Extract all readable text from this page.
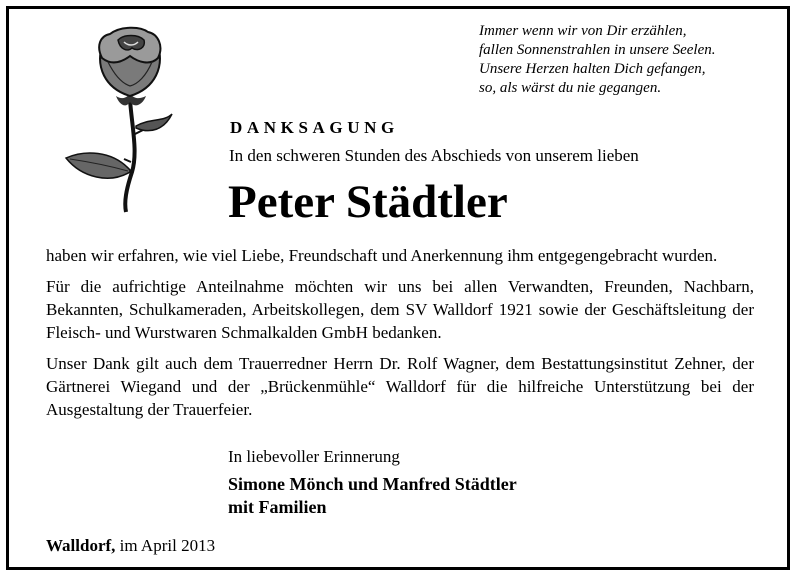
Immer wenn wir von Dir erzählen,
fallen Sonnenstrahlen in unsere Seelen.
Unsere Herzen halten Dich gefangen,
so, als wärst du nie gegangen.
DANKSAGUNG
In den schweren Stunden des Abschieds von unserem lieben
Peter Städtler

haben wir erfahren, wie viel Liebe, Freundschaft und Anerkennung ihm entgegengebracht wurden.

Für die aufrichtige Anteilnahme möchten wir uns bei allen Verwandten, Freunden, Nachbarn, Bekannten, Schulkameraden, Arbeitskollegen, dem SV Walldorf 1921 sowie der Geschäftsleitung der Fleisch- und Wurstwaren Schmalkalden GmbH bedanken.

Unser Dank gilt auch dem Trauerredner Herrn Dr. Rolf Wagner, dem Bestattungsinstitut Zehner, der Gärtnerei Wiegand und der „Brückenmühle“ Walldorf für die hilfreiche Unterstützung bei der Ausgestaltung der Trauerfeier.

In liebevoller Erinnerung
Simone Mönch und Manfred Städtler
mit Familien
Walldorf, im April 2013
